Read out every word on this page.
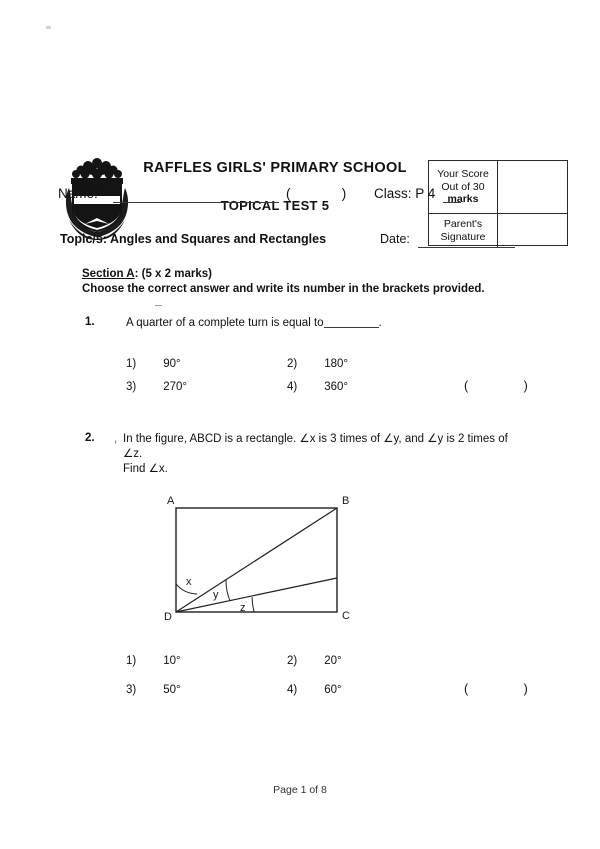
RAFFLES GIRLS' PRIMARY SCHOOL
TOPICAL TEST 5
Your Score
Out of 30
marks
Parent's
Signature
Name:	(   ) Class: P 4
Topic/s: Angles and Squares and Rectangles	Date:
Section A: (5 x 2 marks)
Choose the correct answer and write its number in the brackets provided.
1.	A quarter of a complete turn is equal to	.
1) 90°	2) 180°
3) 270°	4) 360°	( )
2. , In the figure, ABCD is a rectangle. ∠x is 3 times of ∠y, and ∠y is 2 times of
∠z.
Find ∠x.
A	B
C
D
x
y
z
1) 10°	2) 20°
3) 50°	4) 60°	( )
Page 1 of 8
